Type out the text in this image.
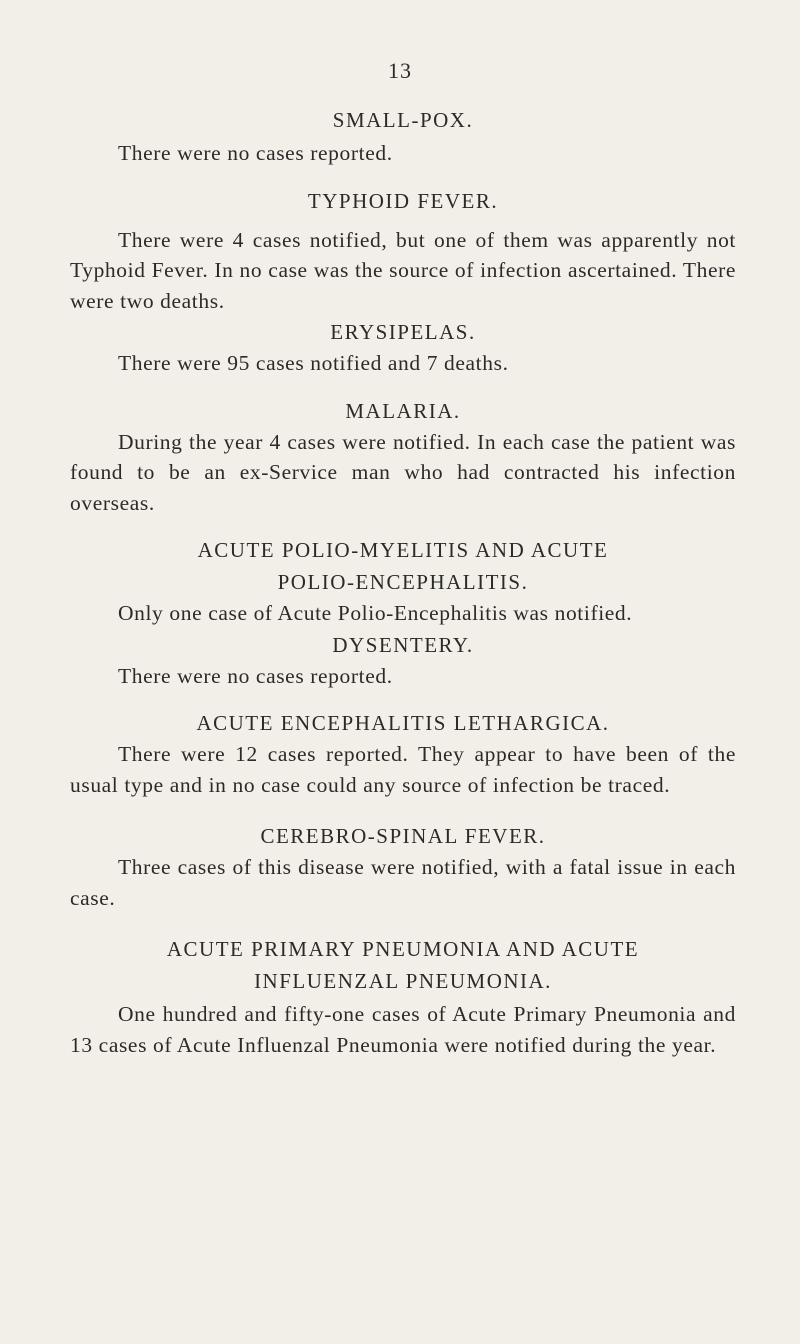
13
SMALL-POX.

There were no cases reported.

TYPHOID FEVER.

There were 4 cases notified, but one of them was apparently not Typhoid Fever. In no case was the source of infection ascertained. There were two deaths.

ERYSIPELAS.

There were 95 cases notified and 7 deaths.

MALARIA.

During the year 4 cases were notified. In each case the patient was found to be an ex-Service man who had contracted his infection overseas.

ACUTE POLIO-MYELITIS AND ACUTE
POLIO-ENCEPHALITIS.

Only one case of Acute Polio-Encephalitis was notified.

DYSENTERY.

There were no cases reported.

ACUTE ENCEPHALITIS LETHARGICA.

There were 12 cases reported. They appear to have been of the usual type and in no case could any source of infection be traced.

CEREBRO-SPINAL FEVER.

Three cases of this disease were notified, with a fatal issue in each case.

ACUTE PRIMARY PNEUMONIA AND ACUTE
INFLUENZAL PNEUMONIA.

One hundred and fifty-one cases of Acute Primary Pneumonia and 13 cases of Acute Influenzal Pneumonia were notified during the year.
